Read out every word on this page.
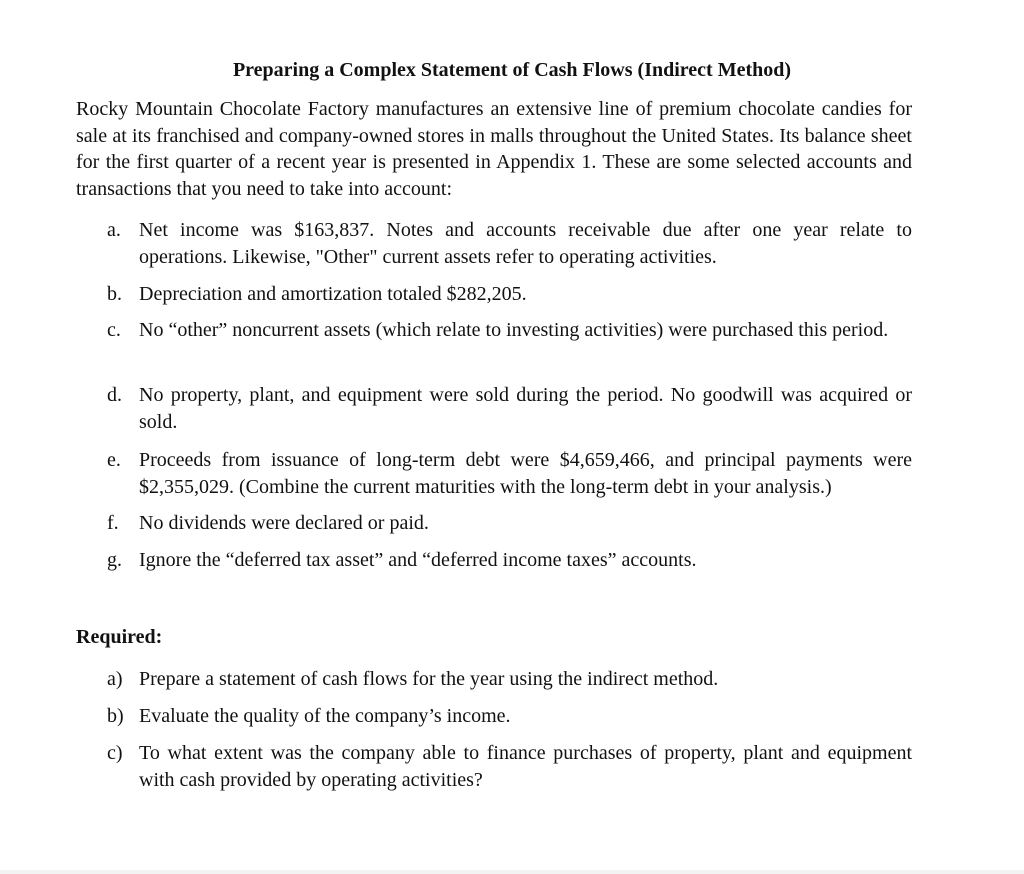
Preparing a Complex Statement of Cash Flows (Indirect Method)

Rocky Mountain Chocolate Factory manufactures an extensive line of premium chocolate candies for sale at its franchised and company-owned stores in malls throughout the United States. Its balance sheet for the first quarter of a recent year is presented in Appendix 1. These are some selected accounts and transactions that you need to take into account:

a. Net income was $163,837. Notes and accounts receivable due after one year relate to operations. Likewise, "Other" current assets refer to operating activities.
b. Depreciation and amortization totaled $282,205.
c. No “other” noncurrent assets (which relate to investing activities) were purchased this period.
d. No property, plant, and equipment were sold during the period. No goodwill was acquired or sold.
e. Proceeds from issuance of long-term debt were $4,659,466, and principal payments were $2,355,029. (Combine the current maturities with the long-term debt in your analysis.)
f. No dividends were declared or paid.
g. Ignore the “deferred tax asset” and “deferred income taxes” accounts.
Required:
a) Prepare a statement of cash flows for the year using the indirect method.
b) Evaluate the quality of the company’s income.
c) To what extent was the company able to finance purchases of property, plant and equipment with cash provided by operating activities?
